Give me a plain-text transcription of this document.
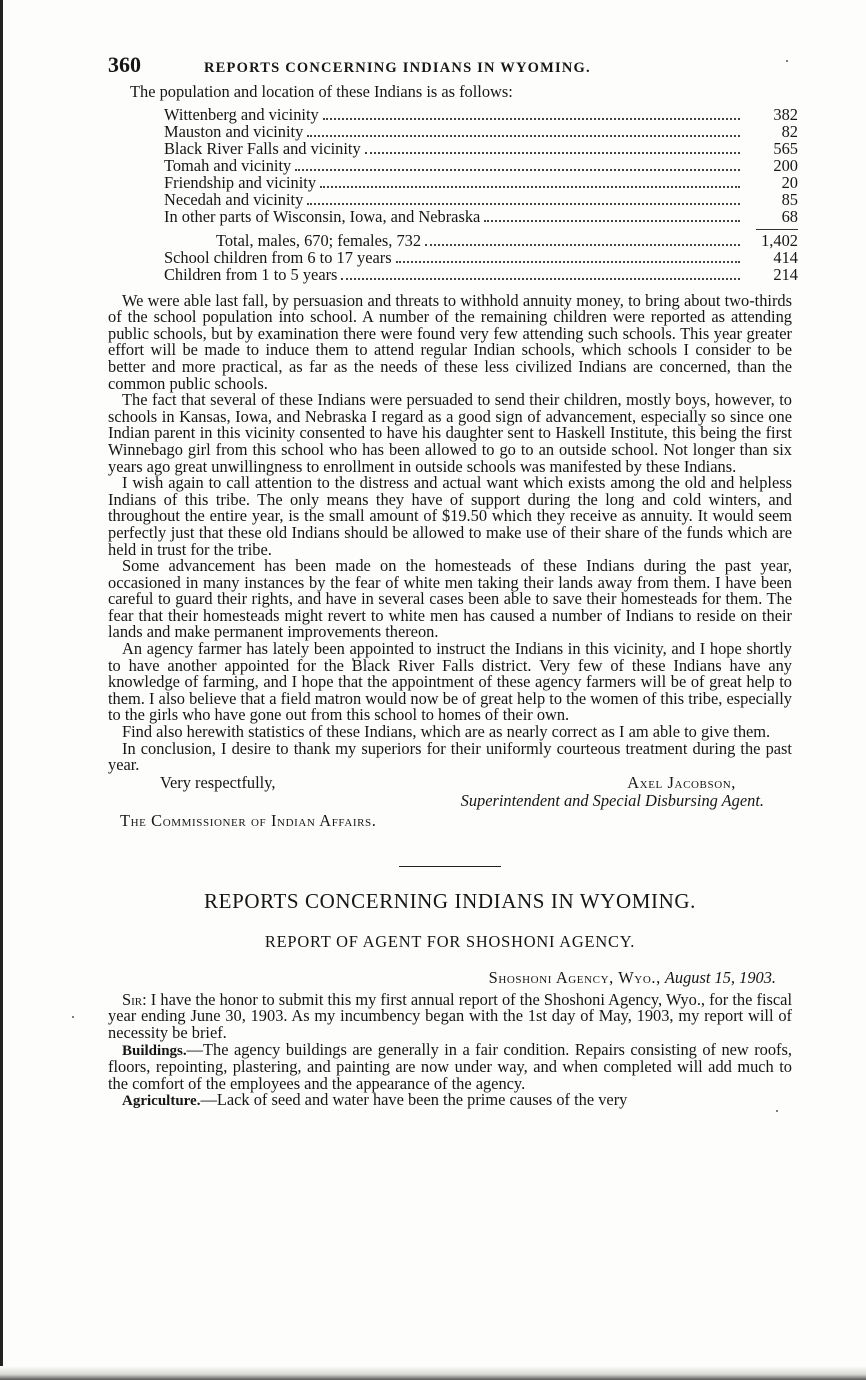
360	REPORTS CONCERNING INDIANS IN WYOMING.

The population and location of these Indians is as follows:

Wittenberg and vicinity	382
Mauston and vicinity	82
Black River Falls and vicinity	565
Tomah and vicinity	200
Friendship and vicinity	20
Necedah and vicinity	85
In other parts of Wisconsin, Iowa, and Nebraska	68
Total, males, 670; females, 732	1,402
School children from 6 to 17 years	414
Children from 1 to 5 years	214

We were able last fall, by persuasion and threats to withhold annuity money, to bring about two-thirds of the school population into school. A number of the remaining children were reported as attending public schools, but by examination there were found very few attending such schools. This year greater effort will be made to induce them to attend regular Indian schools, which schools I consider to be better and more practical, as far as the needs of these less civilized Indians are concerned, than the common public schools.

The fact that several of these Indians were persuaded to send their children, mostly boys, however, to schools in Kansas, Iowa, and Nebraska I regard as a good sign of advancement, especially so since one Indian parent in this vicinity consented to have his daughter sent to Haskell Institute, this being the first Winnebago girl from this school who has been allowed to go to an outside school. Not longer than six years ago great unwillingness to enrollment in outside schools was manifested by these Indians.

I wish again to call attention to the distress and actual want which exists among the old and helpless Indians of this tribe. The only means they have of support during the long and cold winters, and throughout the entire year, is the small amount of $19.50 which they receive as annuity. It would seem perfectly just that these old Indians should be allowed to make use of their share of the funds which are held in trust for the tribe.

Some advancement has been made on the homesteads of these Indians during the past year, occasioned in many instances by the fear of white men taking their lands away from them. I have been careful to guard their rights, and have in several cases been able to save their homesteads for them. The fear that their homesteads might revert to white men has caused a number of Indians to reside on their lands and make permanent improvements thereon.

An agency farmer has lately been appointed to instruct the Indians in this vicinity, and I hope shortly to have another appointed for the Black River Falls district. Very few of these Indians have any knowledge of farming, and I hope that the appointment of these agency farmers will be of great help to them. I also believe that a field matron would now be of great help to the women of this tribe, especially to the girls who have gone out from this school to homes of their own.

Find also herewith statistics of these Indians, which are as nearly correct as I am able to give them.

In conclusion, I desire to thank my superiors for their uniformly courteous treatment during the past year.

Very respectfully,	Axel Jacobson,
Superintendent and Special Disbursing Agent.
The Commissioner of Indian Affairs.
REPORTS CONCERNING INDIANS IN WYOMING.
REPORT OF AGENT FOR SHOSHONI AGENCY.
Shoshoni Agency, Wyo., August 15, 1903.

Sir: I have the honor to submit this my first annual report of the Shoshoni Agency, Wyo., for the fiscal year ending June 30, 1903. As my incumbency began with the 1st day of May, 1903, my report will of necessity be brief.

Buildings.—The agency buildings are generally in a fair condition. Repairs consisting of new roofs, floors, repointing, plastering, and painting are now under way, and when completed will add much to the comfort of the employees and the appearance of the agency.

Agriculture.—Lack of seed and water have been the prime causes of the very
